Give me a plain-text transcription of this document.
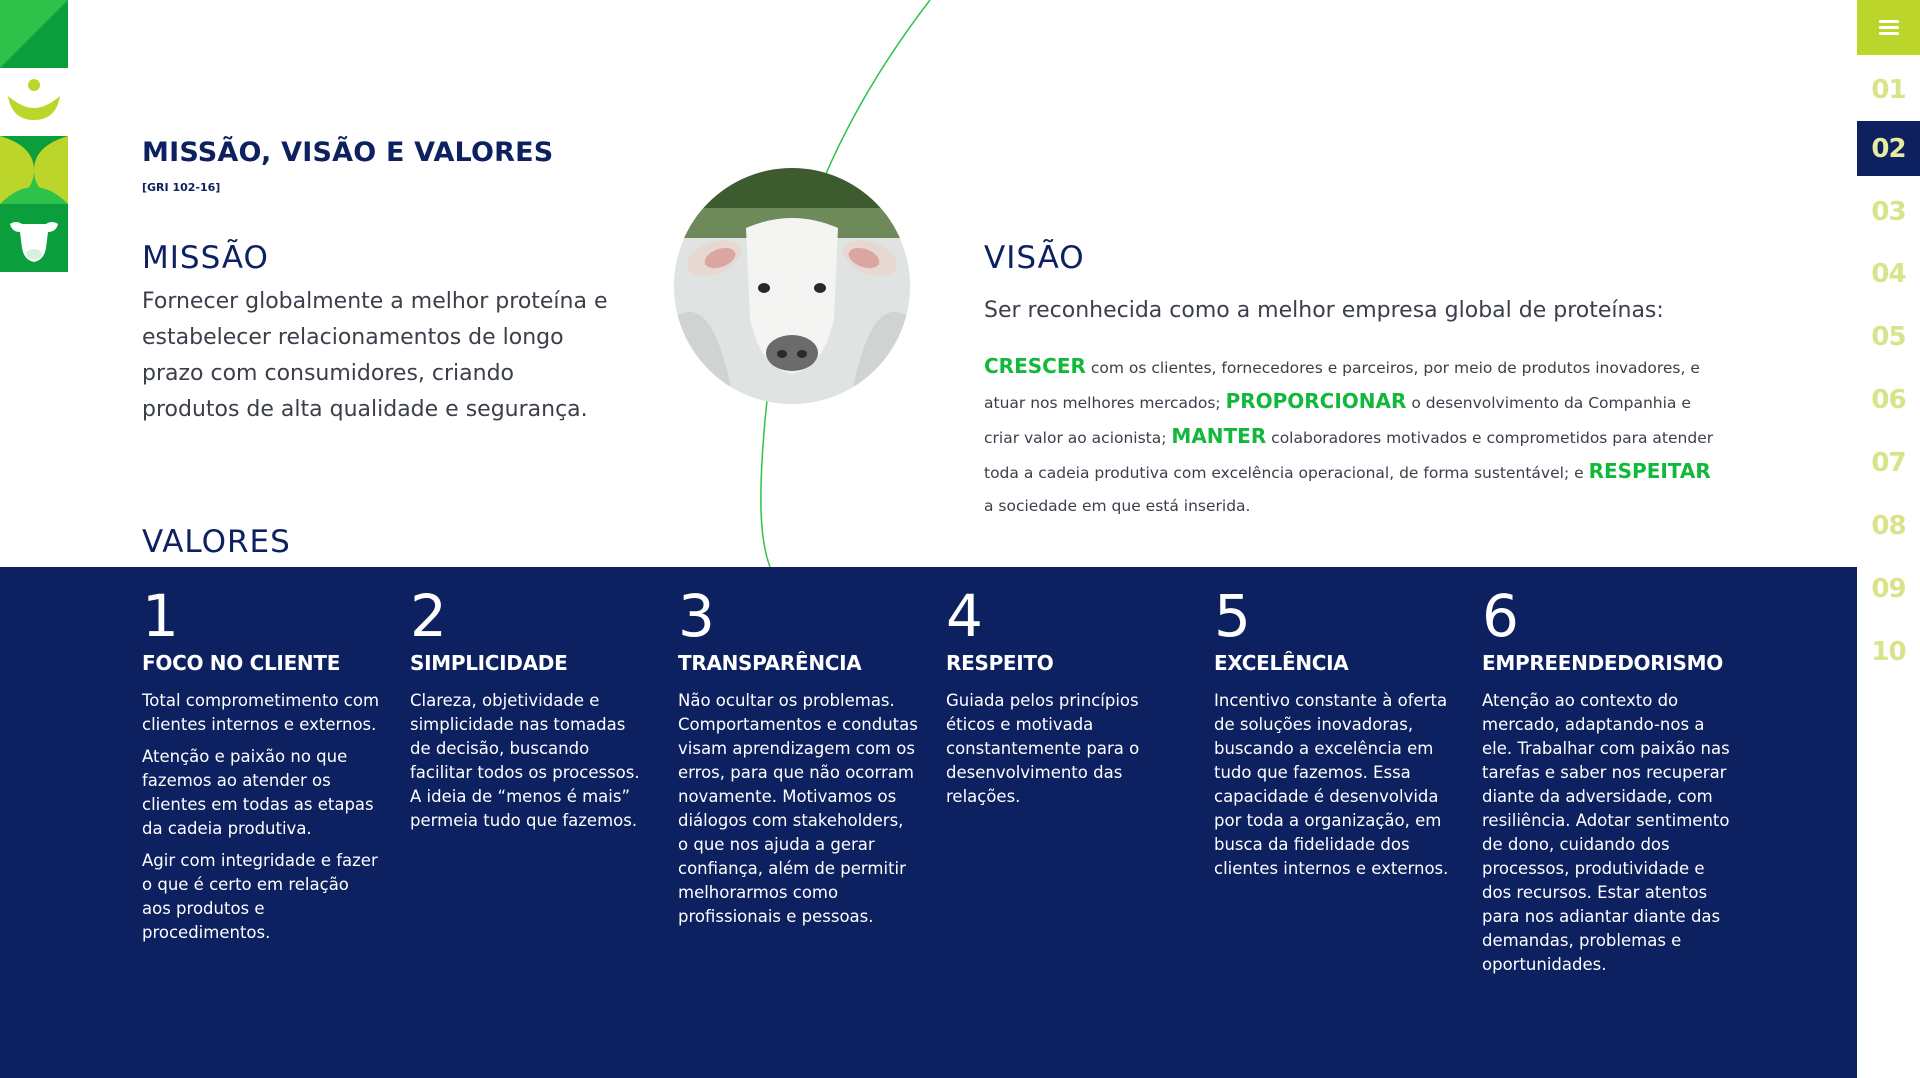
MISSÃO, VISÃO E VALORES
[GRI 102-16]
MISSÃO
Fornecer globalmente a melhor proteína e estabelecer relacionamentos de longo prazo com consumidores, criando produtos de alta qualidade e segurança.
VISÃO
Ser reconhecida como a melhor empresa global de proteínas:
CRESCER com os clientes, fornecedores e parceiros, por meio de produtos inovadores, e atuar nos melhores mercados; PROPORCIONAR o desenvolvimento da Companhia e criar valor ao acionista; MANTER colaboradores motivados e comprometidos para atender toda a cadeia produtiva com excelência operacional, de forma sustentável; e RESPEITAR a sociedade em que está inserida.
VALORES
1
FOCO NO CLIENTE

Total comprometimento com clientes internos e externos.

Atenção e paixão no que fazemos ao atender os clientes em todas as etapas da cadeia produtiva.

Agir com integridade e fazer o que é certo em relação aos produtos e procedimentos.

2
SIMPLICIDADE

Clareza, objetividade e simplicidade nas tomadas de decisão, buscando facilitar todos os processos. A ideia de “menos é mais” permeia tudo que fazemos.

3
TRANSPARÊNCIA

Não ocultar os problemas. Comportamentos e condutas visam aprendizagem com os erros, para que não ocorram novamente. Motivamos os diálogos com stakeholders, o que nos ajuda a gerar confiança, além de permitir melhorarmos como profissionais e pessoas.

4
RESPEITO

Guiada pelos princípios éticos e motivada constantemente para o desenvolvimento das relações.

5
EXCELÊNCIA

Incentivo constante à oferta de soluções inovadoras, buscando a excelência em tudo que fazemos. Essa capacidade é desenvolvida por toda a organização, em busca da fidelidade dos clientes internos e externos.

6
EMPREENDEDORISMO

Atenção ao contexto do mercado, adaptando-nos a ele. Trabalhar com paixão nas tarefas e saber nos recuperar diante da adversidade, com resiliência. Adotar sentimento de dono, cuidando dos processos, produtividade e dos recursos. Estar atentos para nos adiantar diante das demandas, problemas e oportunidades.

01
02
03
04
05
06
07
08
09
10
